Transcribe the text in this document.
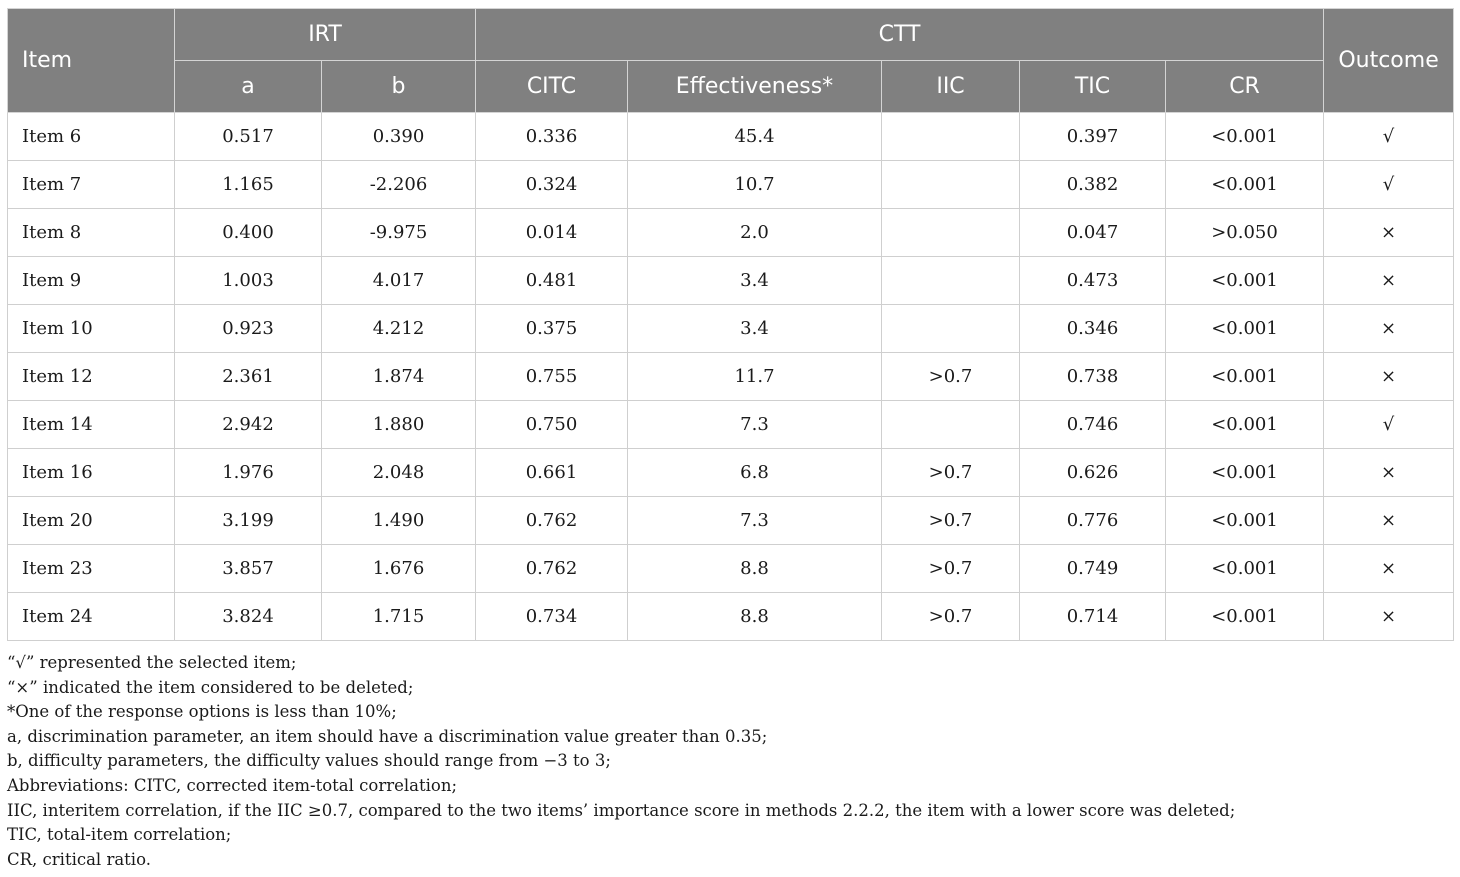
Item	IRT		CTT					Outcome
	a	b	CITC	Effectiveness*	IIC	TIC	CR	
Item 6	0.517	0.390	0.336	45.4		0.397	<0.001	√
Item 7	1.165	-2.206	0.324	10.7		0.382	<0.001	√
Item 8	0.400	-9.975	0.014	2.0		0.047	>0.050	×
Item 9	1.003	4.017	0.481	3.4		0.473	<0.001	×
Item 10	0.923	4.212	0.375	3.4		0.346	<0.001	×
Item 12	2.361	1.874	0.755	11.7	>0.7	0.738	<0.001	×
Item 14	2.942	1.880	0.750	7.3		0.746	<0.001	√
Item 16	1.976	2.048	0.661	6.8	>0.7	0.626	<0.001	×
Item 20	3.199	1.490	0.762	7.3	>0.7	0.776	<0.001	×
Item 23	3.857	1.676	0.762	8.8	>0.7	0.749	<0.001	×
Item 24	3.824	1.715	0.734	8.8	>0.7	0.714	<0.001	×
“√” represented the selected item;
“×” indicated the item considered to be deleted;
*One of the response options is less than 10%;
a, discrimination parameter, an item should have a discrimination value greater than 0.35;
b, difficulty parameters, the difficulty values should range from −3 to 3;
Abbreviations: CITC, corrected item-total correlation;
IIC, interitem correlation, if the IIC ≥0.7, compared to the two items’ importance score in methods 2.2.2, the item with a lower score was deleted;
TIC, total-item correlation;
CR, critical ratio.
